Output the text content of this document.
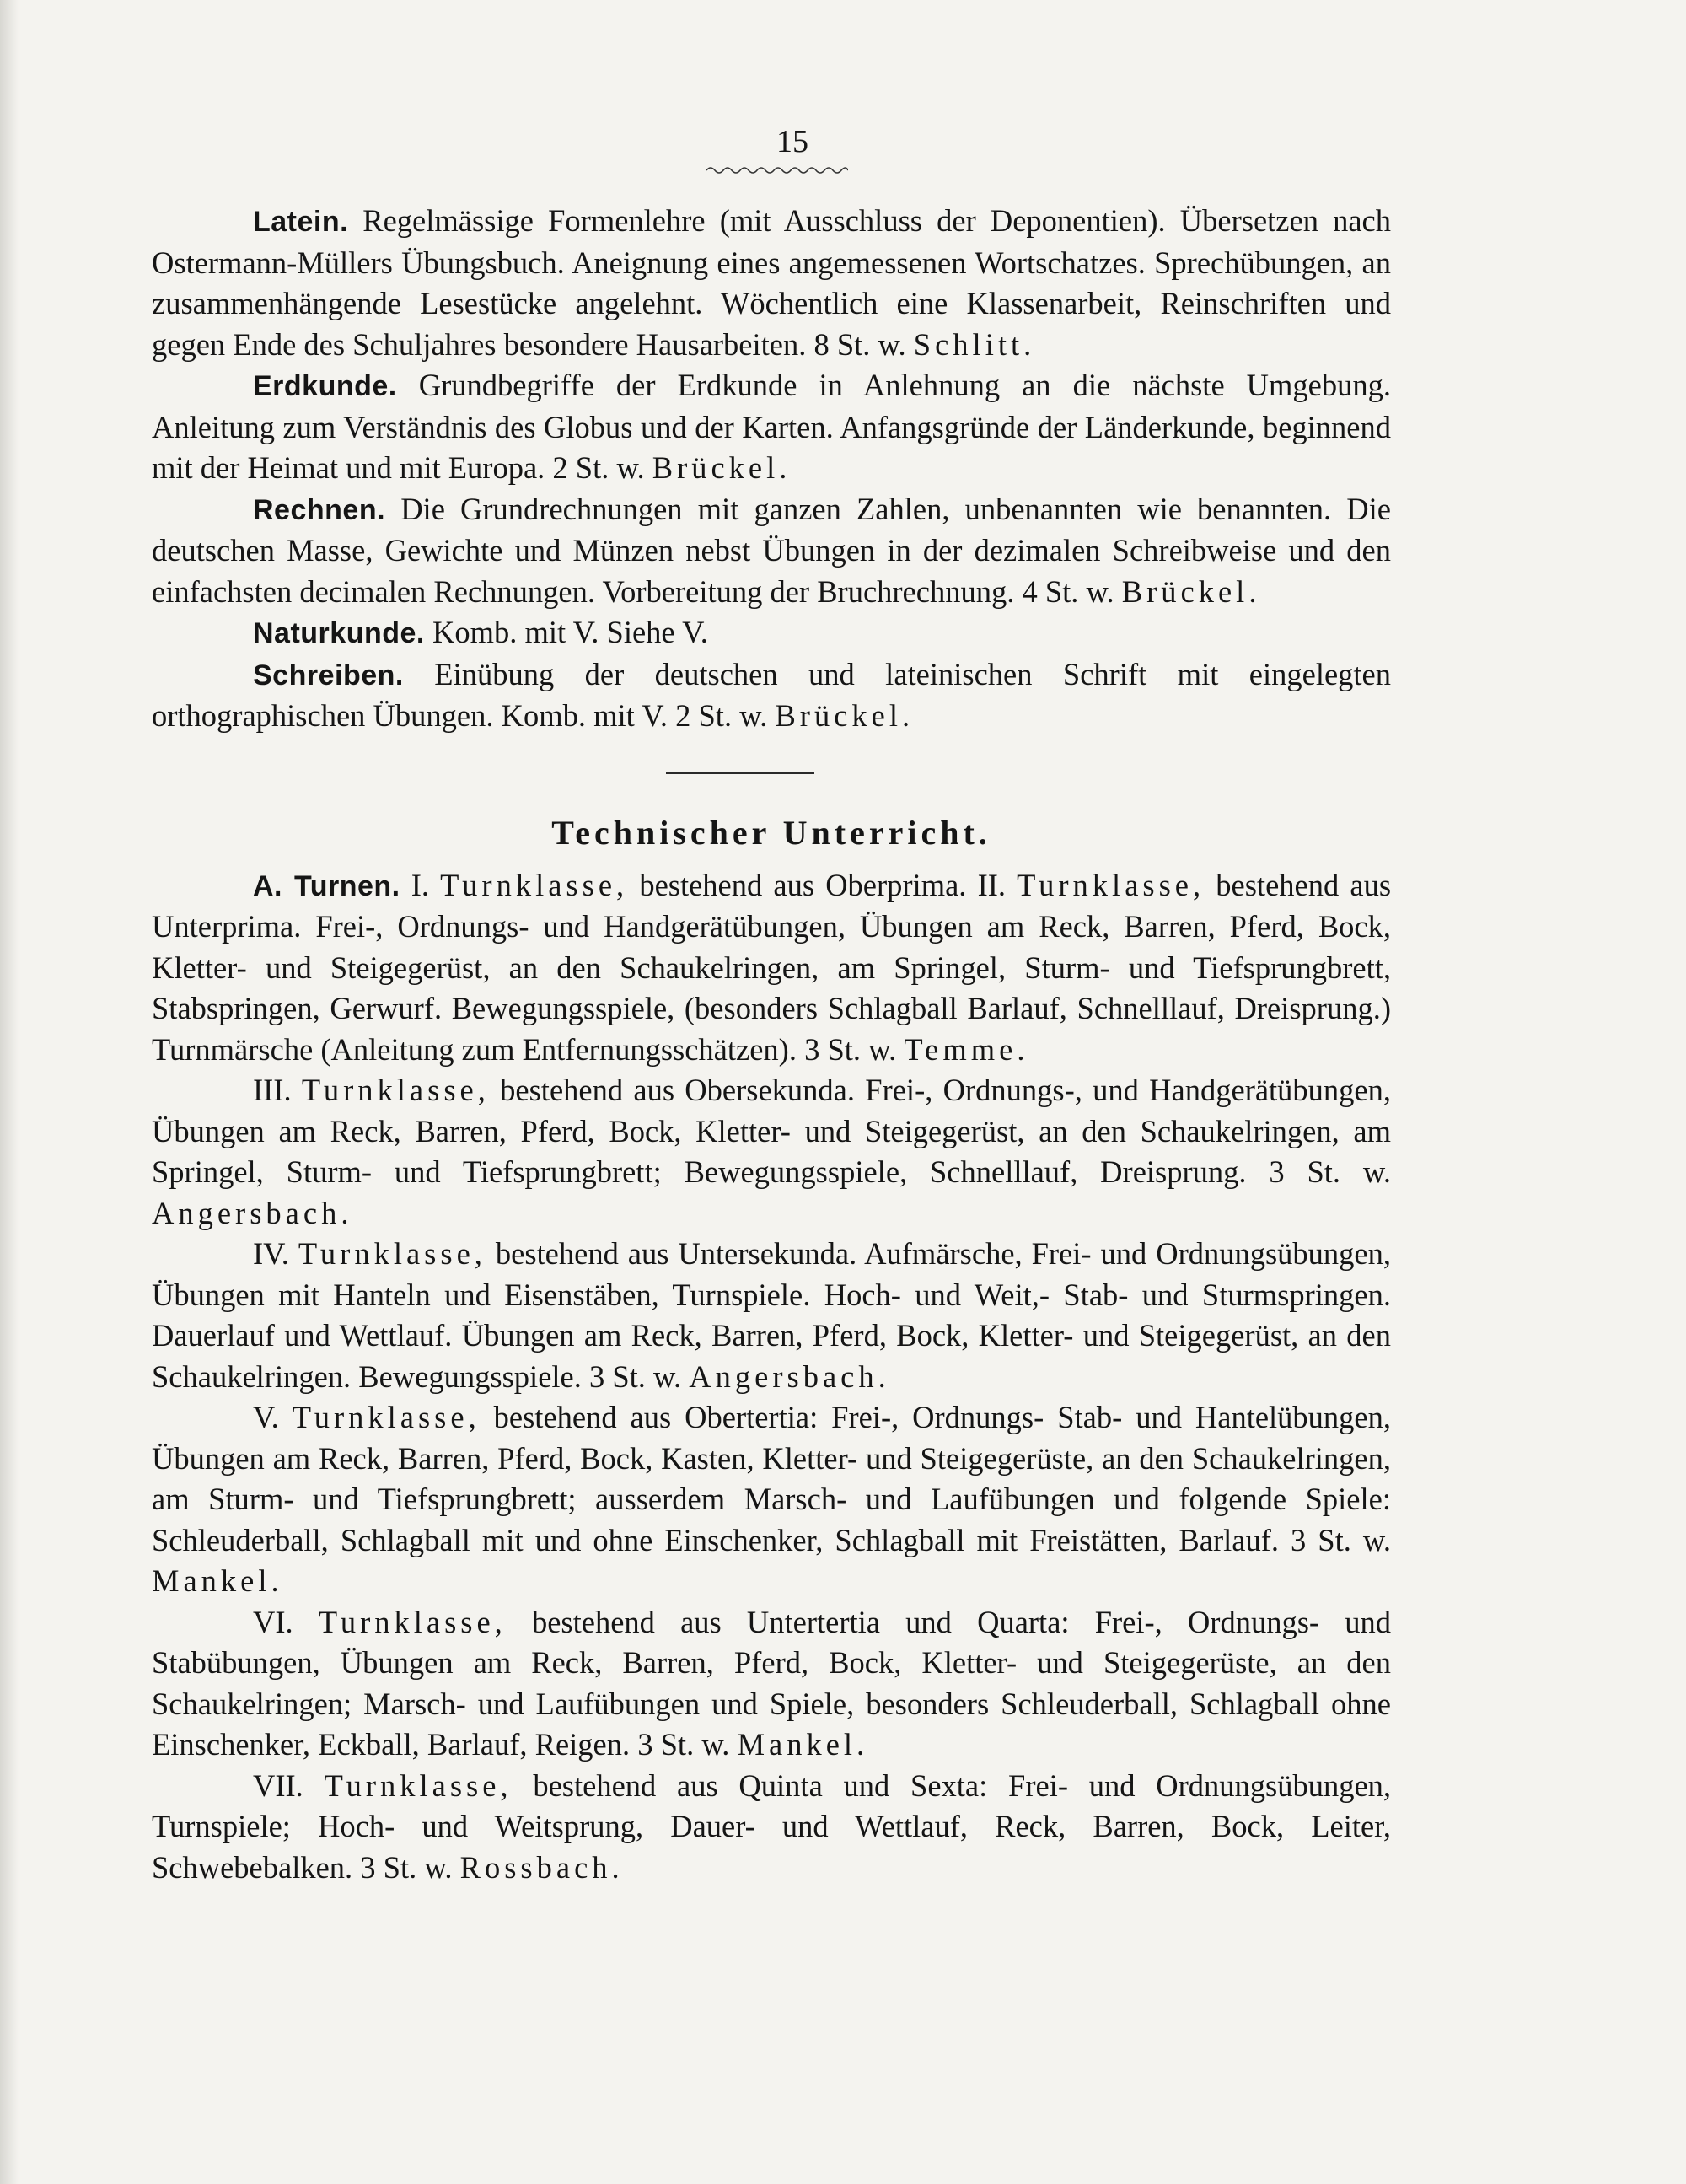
15

Latein. Regelmässige Formenlehre (mit Ausschluss der Deponentien). Übersetzen nach Ostermann-Müllers Übungsbuch. Aneignung eines angemessenen Wortschatzes. Sprechübungen, an zusammenhängende Lesestücke angelehnt. Wöchentlich eine Klassenarbeit, Reinschriften und gegen Ende des Schuljahres besondere Hausarbeiten. 8 St. w. Schlitt.

Erdkunde. Grundbegriffe der Erdkunde in Anlehnung an die nächste Umgebung. Anleitung zum Verständnis des Globus und der Karten. Anfangsgründe der Länderkunde, beginnend mit der Heimat und mit Europa. 2 St. w. Brückel.

Rechnen. Die Grundrechnungen mit ganzen Zahlen, unbenannten wie benannten. Die deutschen Masse, Gewichte und Münzen nebst Übungen in der dezimalen Schreibweise und den einfachsten decimalen Rechnungen. Vorbereitung der Bruchrechnung. 4 St. w. Brückel.

Naturkunde. Komb. mit V. Siehe V.

Schreiben. Einübung der deutschen und lateinischen Schrift mit eingelegten orthographischen Übungen. Komb. mit V. 2 St. w. Brückel.

Technischer Unterricht.

A. Turnen. I. Turnklasse, bestehend aus Oberprima. II. Turnklasse, bestehend aus Unterprima. Frei-, Ordnungs- und Handgerätübungen, Übungen am Reck, Barren, Pferd, Bock, Kletter- und Steigegerüst, an den Schaukelringen, am Springel, Sturm- und Tiefsprungbrett, Stabspringen, Gerwurf. Bewegungsspiele, (besonders Schlagball Barlauf, Schnelllauf, Dreisprung.) Turnmärsche (Anleitung zum Entfernungsschätzen). 3 St. w. Temme.

III. Turnklasse, bestehend aus Obersekunda. Frei-, Ordnungs-, und Handgerätübungen, Übungen am Reck, Barren, Pferd, Bock, Kletter- und Steigegerüst, an den Schaukelringen, am Springel, Sturm- und Tiefsprungbrett; Bewegungsspiele, Schnelllauf, Dreisprung. 3 St. w. Angersbach.

IV. Turnklasse, bestehend aus Untersekunda. Aufmärsche, Frei- und Ordnungsübungen, Übungen mit Hanteln und Eisenstäben, Turnspiele. Hoch- und Weit,- Stab- und Sturmspringen. Dauerlauf und Wettlauf. Übungen am Reck, Barren, Pferd, Bock, Kletter- und Steigegerüst, an den Schaukelringen. Bewegungsspiele. 3 St. w. Angersbach.

V. Turnklasse, bestehend aus Obertertia: Frei-, Ordnungs- Stab- und Hantelübungen, Übungen am Reck, Barren, Pferd, Bock, Kasten, Kletter- und Steigegerüste, an den Schaukelringen, am Sturm- und Tiefsprungbrett; ausserdem Marsch- und Laufübungen und folgende Spiele: Schleuderball, Schlagball mit und ohne Einschenker, Schlagball mit Freistätten, Barlauf. 3 St. w. Mankel.

VI. Turnklasse, bestehend aus Untertertia und Quarta: Frei-, Ordnungs- und Stabübungen, Übungen am Reck, Barren, Pferd, Bock, Kletter- und Steigegerüste, an den Schaukelringen; Marsch- und Laufübungen und Spiele, besonders Schleuderball, Schlagball ohne Einschenker, Eckball, Barlauf, Reigen. 3 St. w. Mankel.

VII. Turnklasse, bestehend aus Quinta und Sexta: Frei- und Ordnungsübungen, Turnspiele; Hoch- und Weitsprung, Dauer- und Wettlauf, Reck, Barren, Bock, Leiter, Schwebebalken. 3 St. w. Rossbach.
